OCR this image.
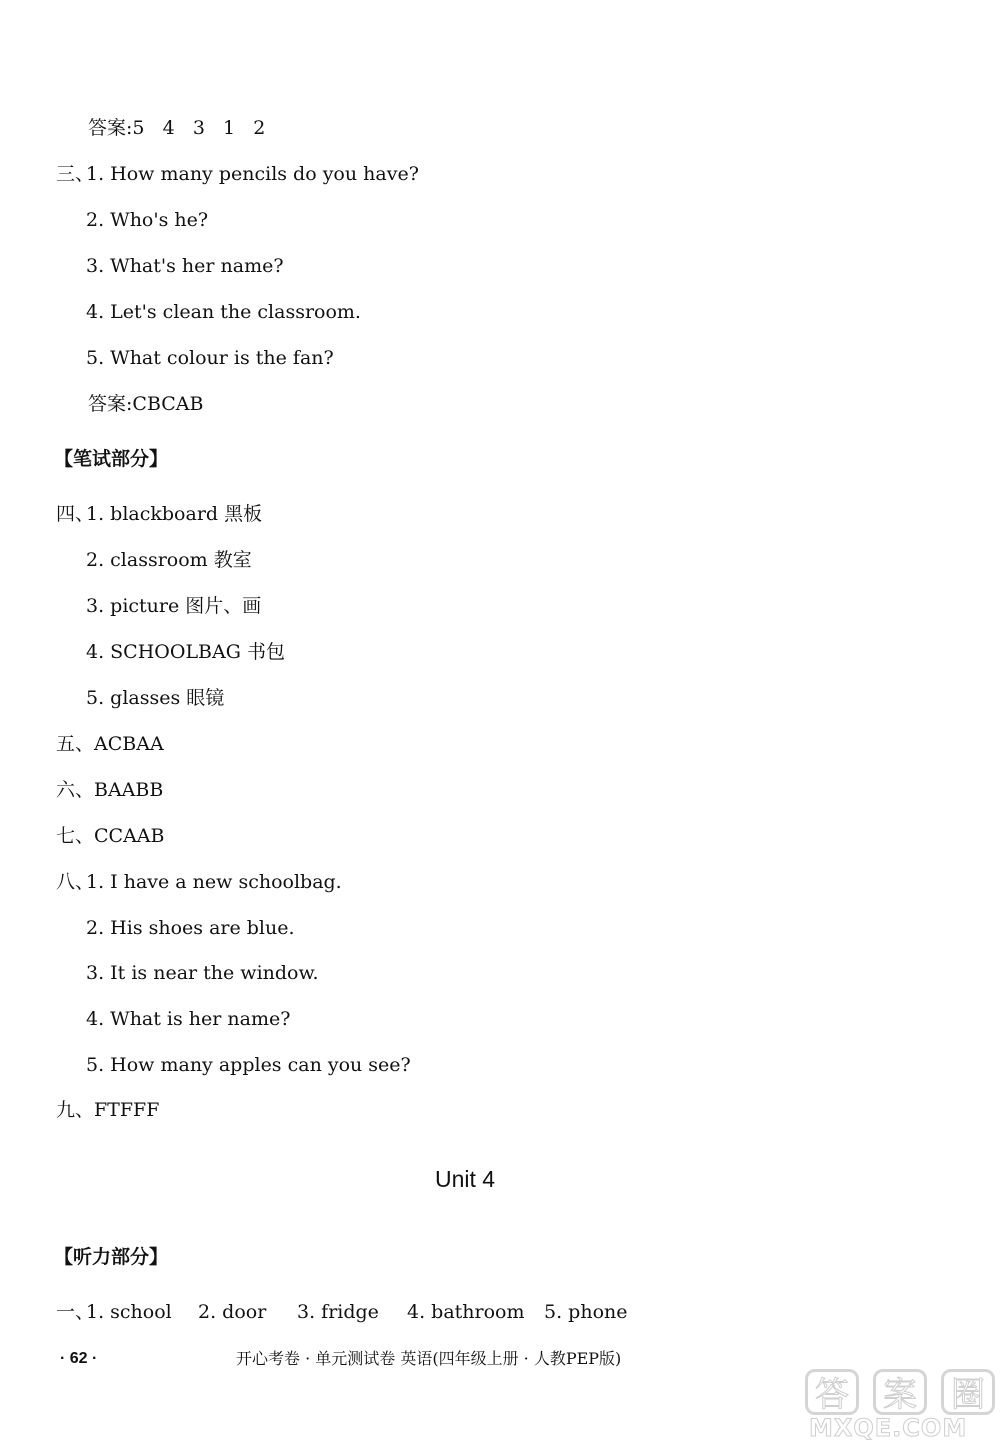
答案:5   4   3   1   2
三、
1. How many pencils do you have?
2. Who's he?
3. What's her name?
4. Let's clean the classroom.
5. What colour is the fan?
答案:CBCAB
【笔试部分】
四、
1. blackboard 黑板
2. classroom 教室
3. picture 图片、画
4. SCHOOLBAG 书包
5. glasses 眼镜
五、ACBAA
六、BAABB
七、CCAAB
八、
1. I have a new schoolbag.
2. His shoes are blue.
3. It is near the window.
4. What is her name?
5. How many apples can you see?
九、FTFFF
Unit 4
【听力部分】
一、
1. school 2. door 3. fridge 4. bathroom 5. phone
· 62 ·	开心考卷 · 单元测试卷 英语(四年级上册 · 人教PEP版)
答 案 圈
MXQE.COM
